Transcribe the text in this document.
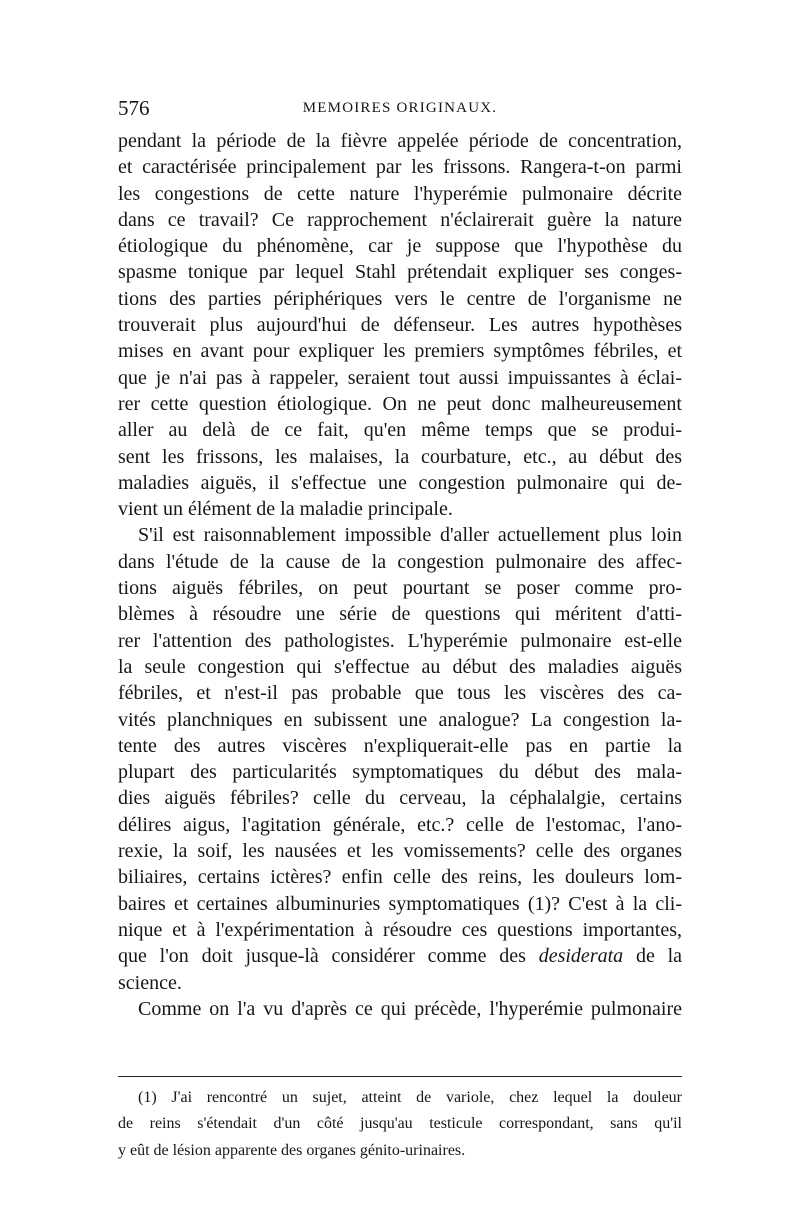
576	MEMOIRES ORIGINAUX.
pendant la période de la fièvre appelée période de concentration,
et caractérisée principalement par les frissons. Rangera-t-on parmi
les congestions de cette nature l'hyperémie pulmonaire décrite
dans ce travail? Ce rapprochement n'éclairerait guère la nature
étiologique du phénomène, car je suppose que l'hypothèse du
spasme tonique par lequel Stahl prétendait expliquer ses conges-
tions des parties périphériques vers le centre de l'organisme ne
trouverait plus aujourd'hui de défenseur. Les autres hypothèses
mises en avant pour expliquer les premiers symptômes fébriles, et
que je n'ai pas à rappeler, seraient tout aussi impuissantes à éclai-
rer cette question étiologique. On ne peut donc malheureusement
aller au delà de ce fait, qu'en même temps que se produi-
sent les frissons, les malaises, la courbature, etc., au début des
maladies aiguës, il s'effectue une congestion pulmonaire qui de-
vient un élément de la maladie principale.
S'il est raisonnablement impossible d'aller actuellement plus loin
dans l'étude de la cause de la congestion pulmonaire des affec-
tions aiguës fébriles, on peut pourtant se poser comme pro-
blèmes à résoudre une série de questions qui méritent d'atti-
rer l'attention des pathologistes. L'hyperémie pulmonaire est-elle
la seule congestion qui s'effectue au début des maladies aiguës
fébriles, et n'est-il pas probable que tous les viscères des ca-
vités planchniques en subissent une analogue? La congestion la-
tente des autres viscères n'expliquerait-elle pas en partie la
plupart des particularités symptomatiques du début des mala-
dies aiguës fébriles? celle du cerveau, la céphalalgie, certains
délires aigus, l'agitation générale, etc.? celle de l'estomac, l'ano-
rexie, la soif, les nausées et les vomissements? celle des organes
biliaires, certains ictères? enfin celle des reins, les douleurs lom-
baires et certaines albuminuries symptomatiques (1)? C'est à la cli-
nique et à l'expérimentation à résoudre ces questions importantes,
que l'on doit jusque-là considérer comme des desiderata de la
science.
Comme on l'a vu d'après ce qui précède, l'hyperémie pulmonaire
(1) J'ai rencontré un sujet, atteint de variole, chez lequel la douleur
de reins s'étendait d'un côté jusqu'au testicule correspondant, sans qu'il
y eût de lésion apparente des organes génito-urinaires.
